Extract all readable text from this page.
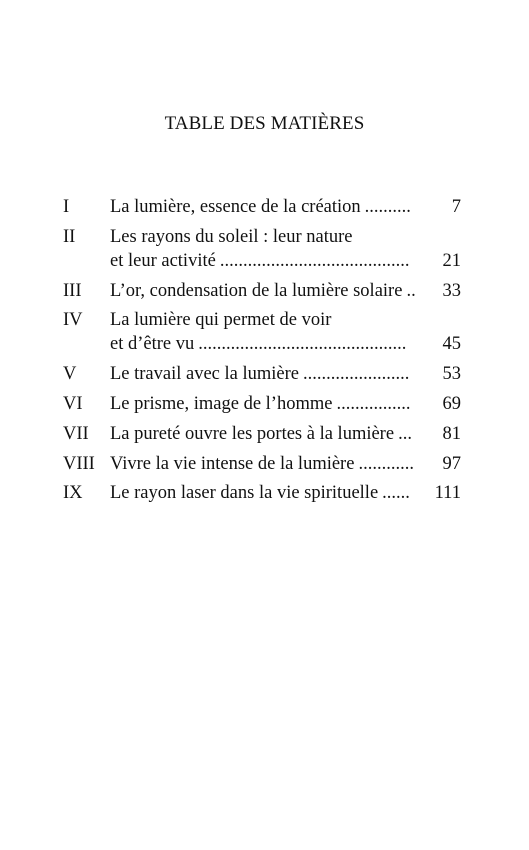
TABLE DES MATIÈRES
I	La lumière, essence de la création ..........	7
II	Les rayons du soleil : leur nature
et leur activité .........................................	21
III	L’or, condensation de la lumière solaire ..	33
IV	La lumière qui permet de voir
et d’être vu .............................................	45
V	Le travail avec la lumière .......................	53
VI	Le prisme, image de l’homme ................	69
VII	La pureté ouvre les portes à la lumière ...	81
VIII Vivre la vie intense de la lumière ............	97
IX	Le rayon laser dans la vie spirituelle ......	111
